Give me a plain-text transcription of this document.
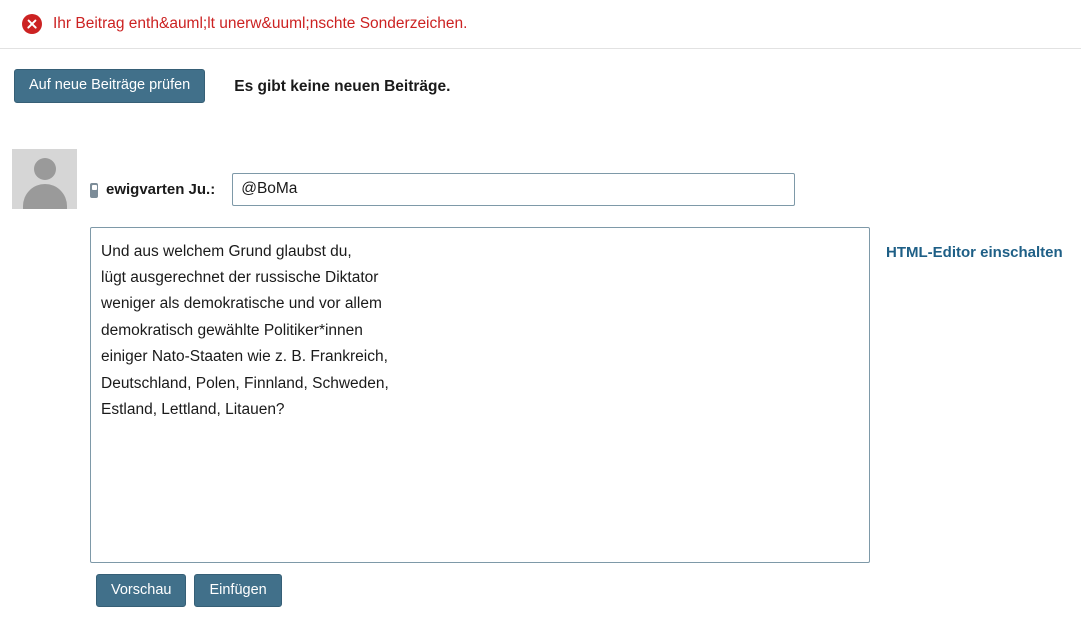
Ihr Beitrag enth&auml;lt unerw&uuml;nschte Sonderzeichen.
Auf neue Beiträge prüfen	Es gibt keine neuen Beiträge.
ewigvarten Ju.:
@BoMa
Und aus welchem Grund glaubst du, lügt ausgerechnet der russische Diktator weniger als demokratische und vor allem demokratisch gewählte Politiker*innen einiger Nato-Staaten wie z. B. Frankreich, Deutschland, Polen, Finnland, Schweden, Estland, Lettland, Litauen?
HTML-Editor einschalten
Vorschau	Einfügen
